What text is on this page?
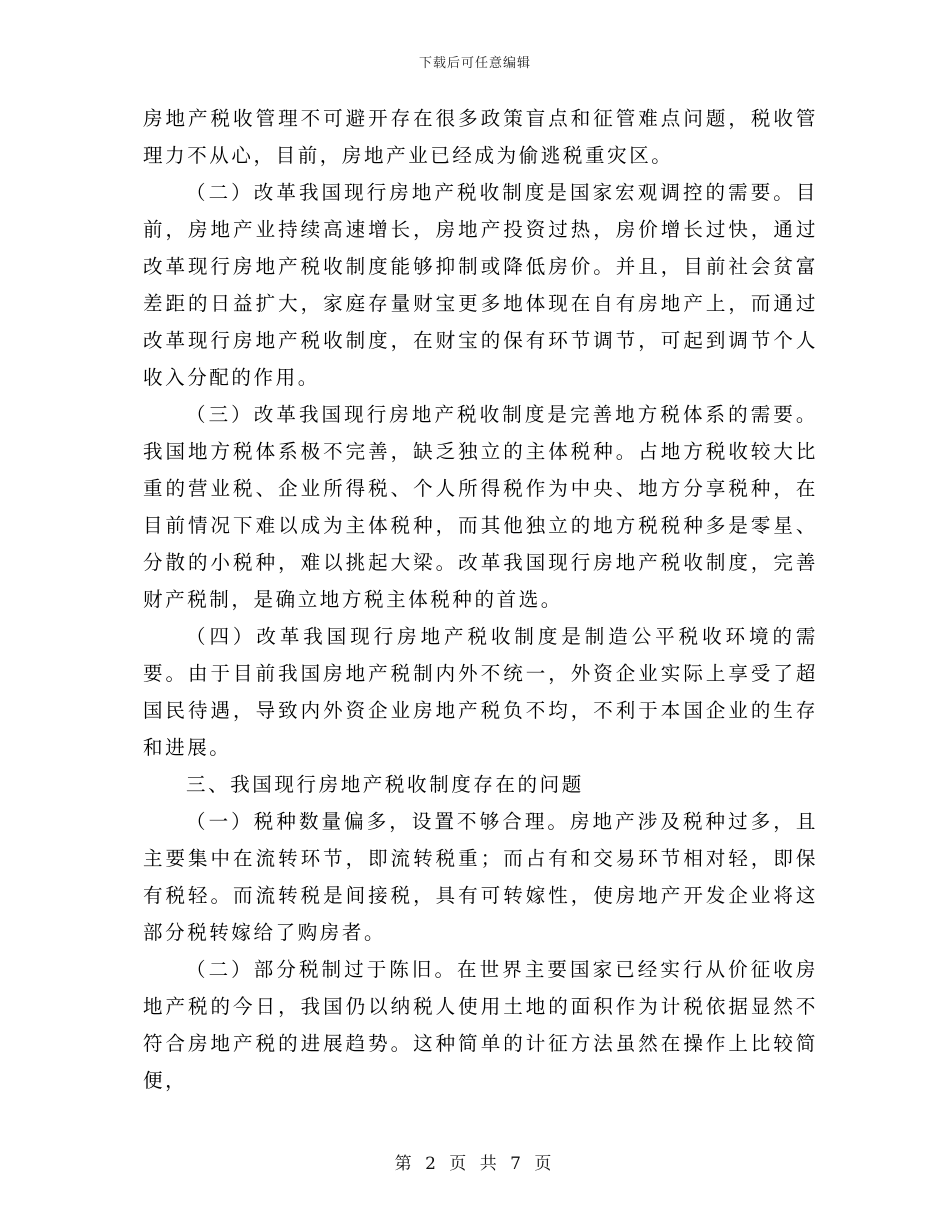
下载后可任意编辑

房地产税收管理不可避开存在很多政策盲点和征管难点问题，税收管理力不从心，目前，房地产业已经成为偷逃税重灾区。

（二）改革我国现行房地产税收制度是国家宏观调控的需要。目前，房地产业持续高速增长，房地产投资过热，房价增长过快，通过改革现行房地产税收制度能够抑制或降低房价。并且，目前社会贫富差距的日益扩大，家庭存量财宝更多地体现在自有房地产上，而通过改革现行房地产税收制度，在财宝的保有环节调节，可起到调节个人收入分配的作用。

（三）改革我国现行房地产税收制度是完善地方税体系的需要。我国地方税体系极不完善，缺乏独立的主体税种。占地方税收较大比重的营业税、企业所得税、个人所得税作为中央、地方分享税种，在目前情况下难以成为主体税种，而其他独立的地方税税种多是零星、分散的小税种，难以挑起大梁。改革我国现行房地产税收制度，完善财产税制，是确立地方税主体税种的首选。

（四）改革我国现行房地产税收制度是制造公平税收环境的需要。由于目前我国房地产税制内外不统一，外资企业实际上享受了超国民待遇，导致内外资企业房地产税负不均，不利于本国企业的生存和进展。

三、我国现行房地产税收制度存在的问题

（一）税种数量偏多，设置不够合理。房地产涉及税种过多，且主要集中在流转环节，即流转税重；而占有和交易环节相对轻，即保有税轻。而流转税是间接税，具有可转嫁性，使房地产开发企业将这部分税转嫁给了购房者。

（二）部分税制过于陈旧。在世界主要国家已经实行从价征收房地产税的今日，我国仍以纳税人使用土地的面积作为计税依据显然不符合房地产税的进展趋势。这种简单的计征方法虽然在操作上比较简便，

第 2 页 共 7 页
